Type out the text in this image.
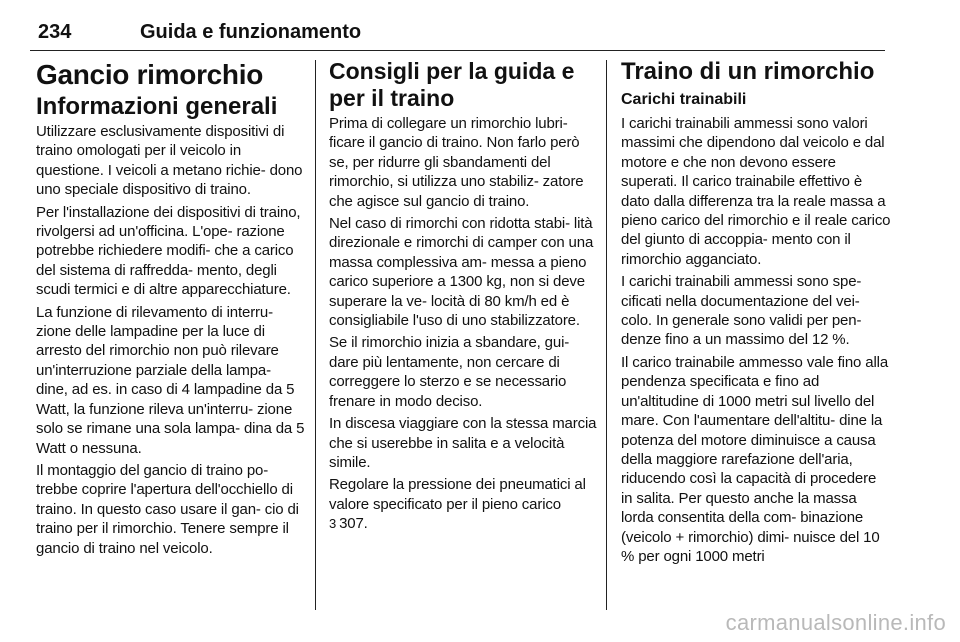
234	Guida e funzionamento
Gancio rimorchio
Informazioni generali

Utilizzare esclusivamente dispositivi di traino omologati per il veicolo in questione. I veicoli a metano richie- dono uno speciale dispositivo di traino.

Per l'installazione dei dispositivi di traino, rivolgersi ad un'officina. L'ope- razione potrebbe richiedere modifi- che a carico del sistema di raffredda- mento, degli scudi termici e di altre apparecchiature.

La funzione di rilevamento di interru- zione delle lampadine per la luce di arresto del rimorchio non può rilevare un'interruzione parziale della lampa- dine, ad es. in caso di 4 lampadine da 5 Watt, la funzione rileva un'interru- zione solo se rimane una sola lampa- dina da 5 Watt o nessuna.

Il montaggio del gancio di traino po- trebbe coprire l'apertura dell'occhiello di traino. In questo caso usare il gan- cio di traino per il rimorchio. Tenere sempre il gancio di traino nel veicolo.

Consigli per la guida e per il traino

Prima di collegare un rimorchio lubri- ficare il gancio di traino. Non farlo però se, per ridurre gli sbandamenti del rimorchio, si utilizza uno stabiliz- zatore che agisce sul gancio di traino.

Nel caso di rimorchi con ridotta stabi- lità direzionale e rimorchi di camper con una massa complessiva am- messa a pieno carico superiore a 1300 kg, non si deve superare la ve- locità di 80 km/h ed è consigliabile l'uso di uno stabilizzatore.

Se il rimorchio inizia a sbandare, gui- dare più lentamente, non cercare di correggere lo sterzo e se necessario frenare in modo deciso.

In discesa viaggiare con la stessa marcia che si userebbe in salita e a velocità simile.

Regolare la pressione dei pneumatici al valore specificato per il pieno carico
3 307.

Traino di un rimorchio
Carichi trainabili

I carichi trainabili ammessi sono valori massimi che dipendono dal veicolo e dal motore e che non devono essere superati. Il carico trainabile effettivo è dato dalla differenza tra la reale massa a pieno carico del rimorchio e il reale carico del giunto di accoppia- mento con il rimorchio agganciato.

I carichi trainabili ammessi sono spe- cificati nella documentazione del vei- colo. In generale sono validi per pen- denze fino a un massimo del 12 %.

Il carico trainabile ammesso vale fino alla pendenza specificata e fino ad un'altitudine di 1000 metri sul livello del mare. Con l'aumentare dell'altitu- dine la potenza del motore diminuisce a causa della maggiore rarefazione dell'aria, riducendo così la capacità di procedere in salita. Per questo anche la massa lorda consentita della com- binazione (veicolo + rimorchio) dimi- nuisce del 10 % per ogni 1000 metri

carmanualsonline.info
